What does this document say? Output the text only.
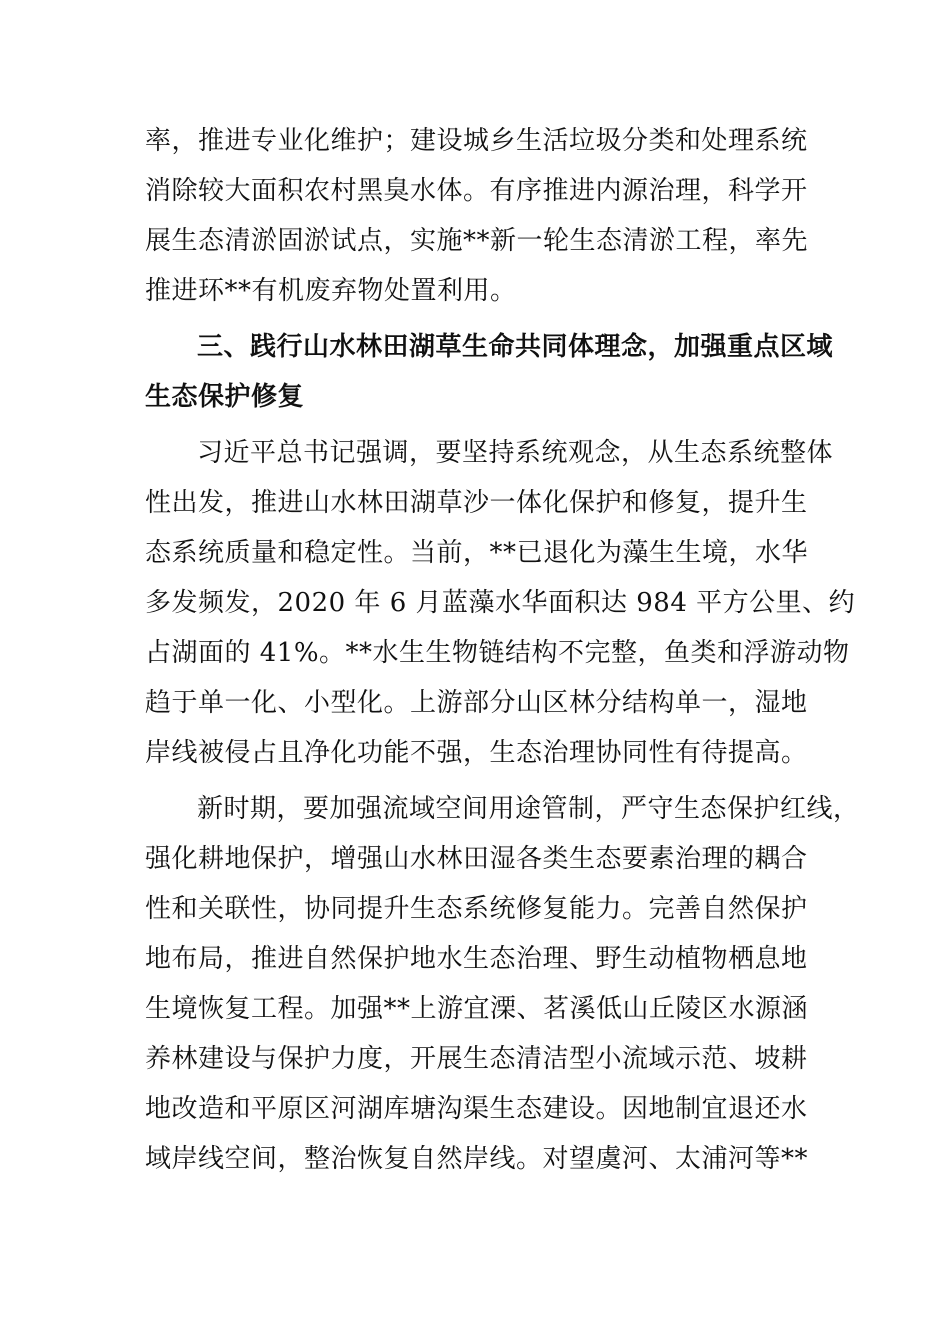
率，推进专业化维护；建设城乡生活垃圾分类和处理系统
消除较大面积农村黑臭水体。有序推进内源治理，科学开
展生态清淤固淤试点，实施**新一轮生态清淤工程，率先
推进环**有机废弃物处置利用。
三、践行山水林田湖草生命共同体理念，加强重点区域
生态保护修复
习近平总书记强调，要坚持系统观念，从生态系统整体
性出发，推进山水林田湖草沙一体化保护和修复，提升生
态系统质量和稳定性。当前，**已退化为藻生生境，水华
多发频发，2020 年 6 月蓝藻水华面积达 984 平方公里、约
占湖面的 41%。**水生生物链结构不完整，鱼类和浮游动物
趋于单一化、小型化。上游部分山区林分结构单一，湿地
岸线被侵占且净化功能不强，生态治理协同性有待提高。
新时期，要加强流域空间用途管制，严守生态保护红线，
强化耕地保护，增强山水林田湿各类生态要素治理的耦合
性和关联性，协同提升生态系统修复能力。完善自然保护
地布局，推进自然保护地水生态治理、野生动植物栖息地
生境恢复工程。加强**上游宜溧、茗溪低山丘陵区水源涵
养林建设与保护力度，开展生态清洁型小流域示范、坡耕
地改造和平原区河湖库塘沟渠生态建设。因地制宜退还水
域岸线空间，整治恢复自然岸线。对望虞河、太浦河等**
